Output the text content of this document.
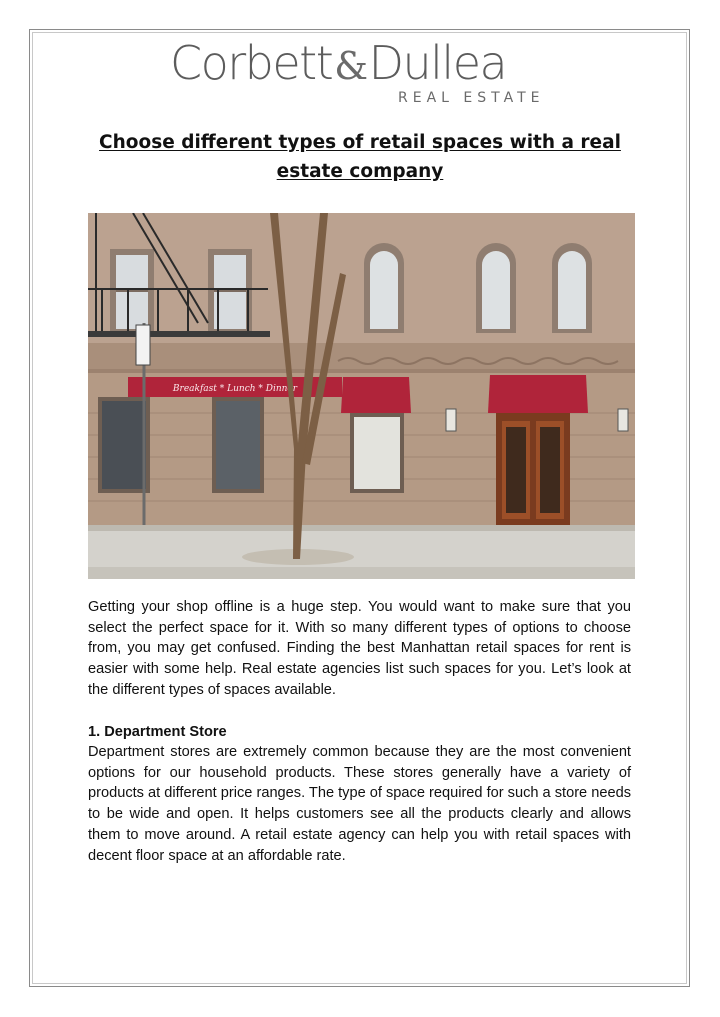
Corbett&Dullea
REAL ESTATE
Choose different types of retail spaces with a real estate company
Breakfast * Lunch * Dinner
Getting your shop offline is a huge step. You would want to make sure that you select the perfect space for it. With so many different types of options to choose from, you may get confused. Finding the best Manhattan retail spaces for rent is easier with some help. Real estate agencies list such spaces for you. Let’s look at the different types of spaces available.
1. Department Store
Department stores are extremely common because they are the most convenient options for our household products. These stores generally have a variety of products at different price ranges. The type of space required for such a store needs to be wide and open. It helps customers see all the products clearly and allows them to move around. A retail estate agency can help you with retail spaces with decent floor space at an affordable rate.
